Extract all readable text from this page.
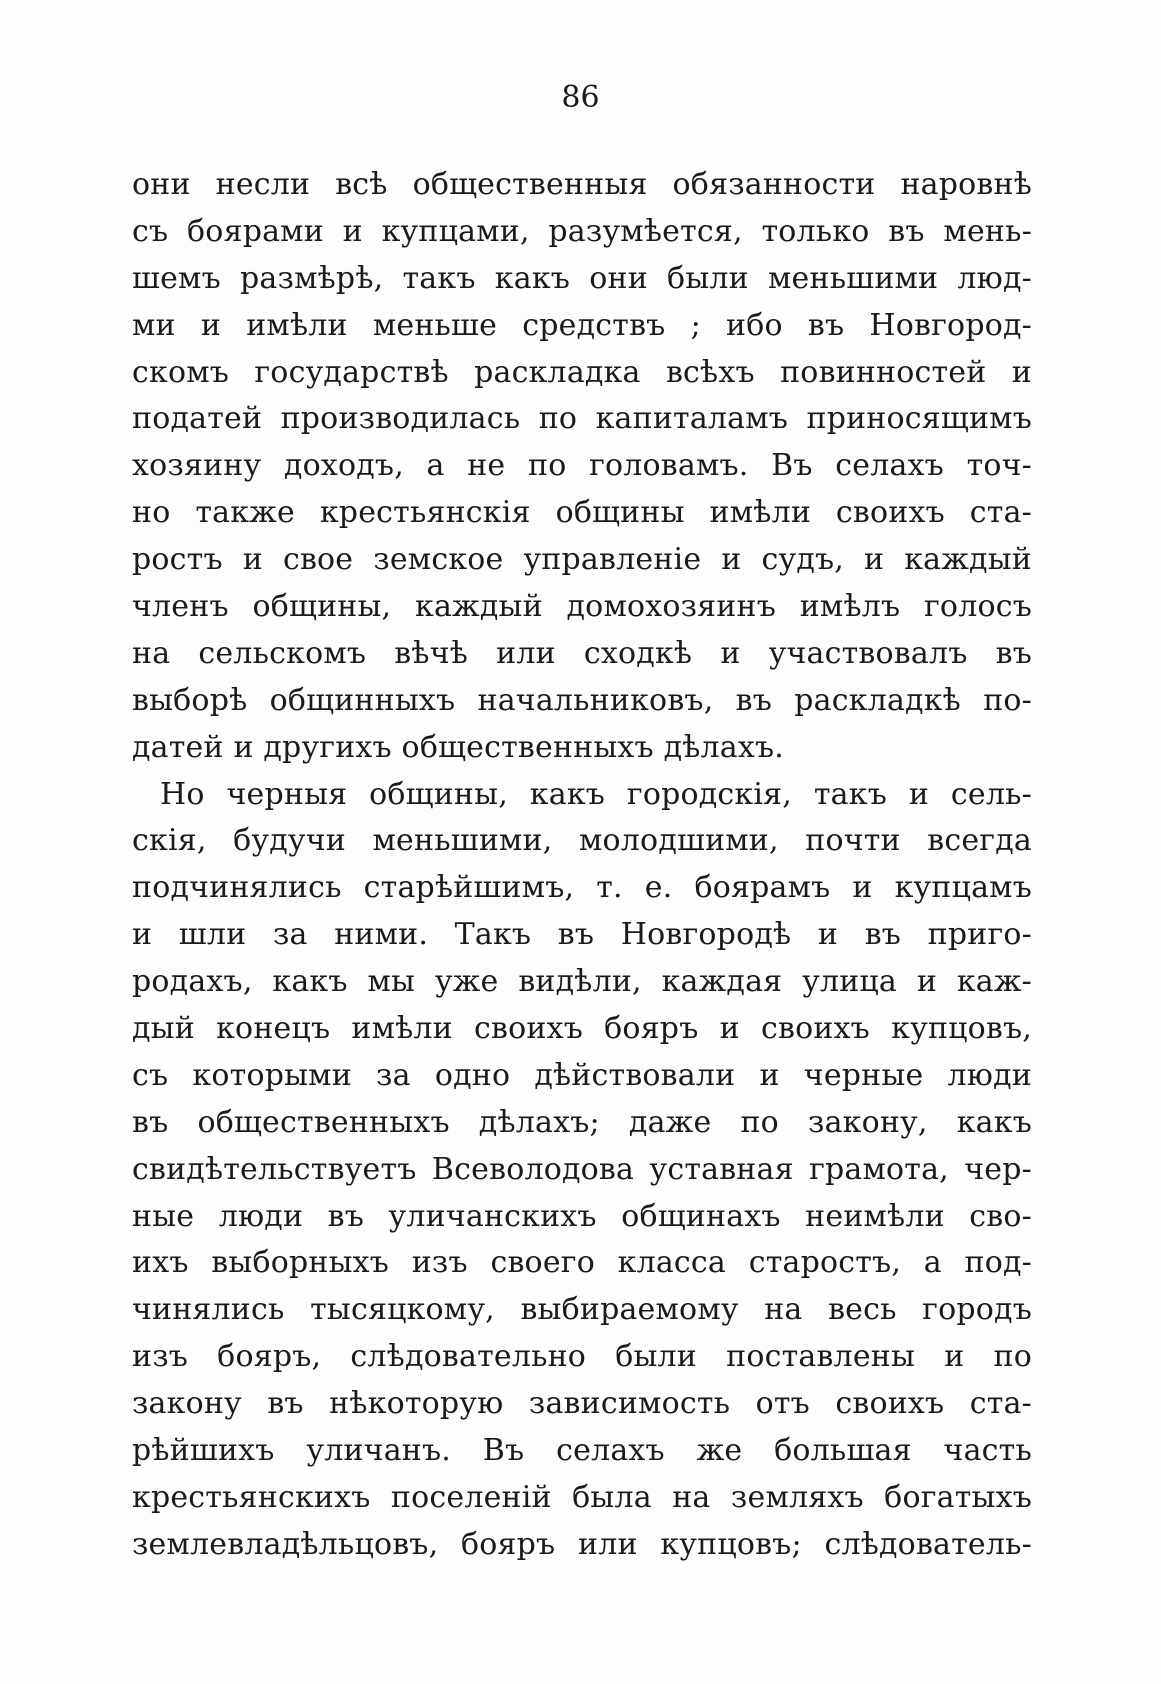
86
они несли всѣ общественныя обязанности наровнѣ
съ боярами и купцами, разумѣется, только въ мень-
шемъ размѣрѣ, такъ какъ они были меньшими люд-
ми и имѣли меньше средствъ ; ибо въ Новгород-
скомъ государствѣ раскладка всѣхъ повинностей и
податей производилась по капиталамъ приносящимъ
хозяину доходъ, а не по головамъ. Въ селахъ точ-
но также крестьянскія общины имѣли своихъ ста-
ростъ и свое земское управленіе и судъ, и каждый
членъ общины, каждый домохозяинъ имѣлъ голосъ
на сельскомъ вѣчѣ или сходкѣ и участвовалъ въ
выборѣ общинныхъ начальниковъ, въ раскладкѣ по-
датей и другихъ общественныхъ дѣлахъ.
Но черныя общины, какъ городскія, такъ и сель-
скія, будучи меньшими, молодшими, почти всегда
подчинялись старѣйшимъ, т. е. боярамъ и купцамъ
и шли за ними. Такъ въ Новгородѣ и въ приго-
родахъ, какъ мы уже видѣли, каждая улица и каж-
дый конецъ имѣли своихъ бояръ и своихъ купцовъ,
съ которыми за одно дѣйствовали и черные люди
въ общественныхъ дѣлахъ; даже по закону, какъ
свидѣтельствуетъ Всеволодова уставная грамота, чер-
ные люди въ уличанскихъ общинахъ неимѣли сво-
ихъ выборныхъ изъ своего класса старостъ, а под-
чинялись тысяцкому, выбираемому на весь городъ
изъ бояръ, слѣдовательно были поставлены и по
закону въ нѣкоторую зависимость отъ своихъ ста-
рѣйшихъ уличанъ. Въ селахъ же большая часть
крестьянскихъ поселеній была на земляхъ богатыхъ
землевладѣльцовъ, бояръ или купцовъ; слѣдователь-
